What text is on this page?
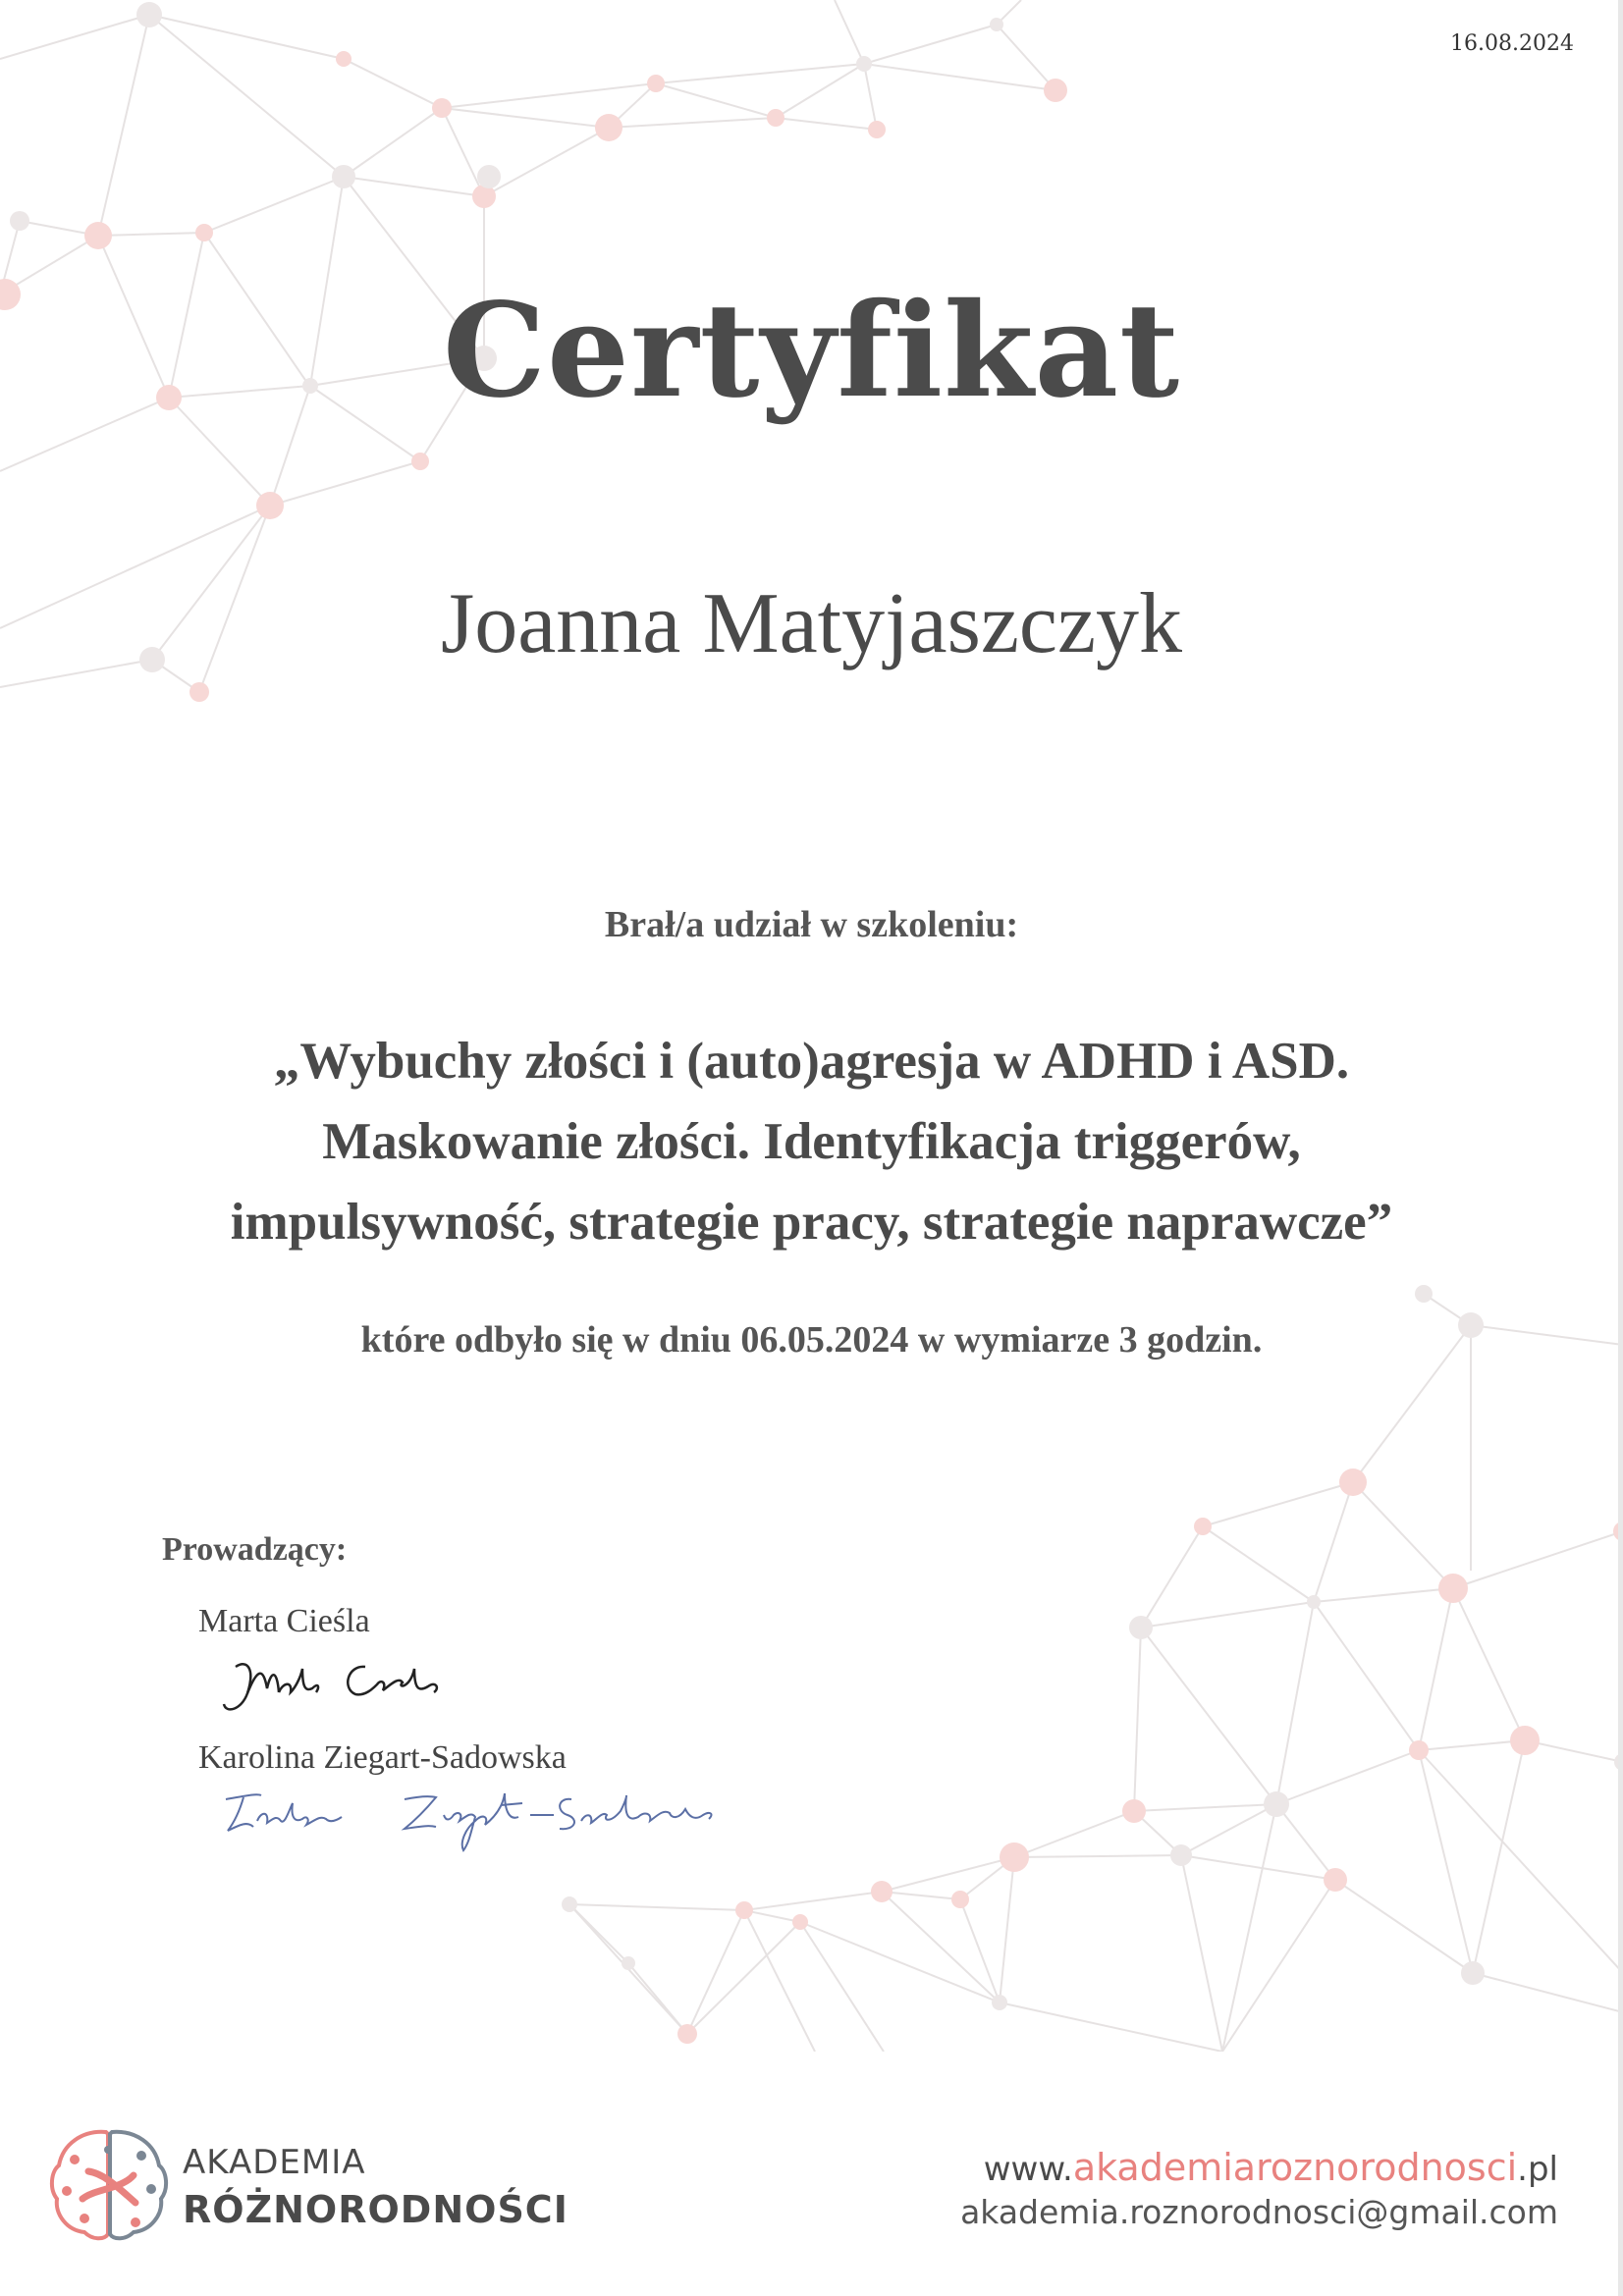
16.08.2024
Certyfikat
Joanna Matyjaszczyk
Brał/a udział w szkoleniu:
„Wybuchy złości i (auto)agresja w ADHD i ASD.
Maskowanie złości. Identyfikacja triggerów,
impulsywność, strategie pracy, strategie naprawcze”
które odbyło się w dniu 06.05.2024 w wymiarze 3 godzin.
Prowadzący:
Marta Cieśla
Karolina Ziegart-Sadowska
AKADEMIA
RÓŻNORODNOŚCI
www.akademiaroznorodnosci.pl
akademia.roznorodnosci@gmail.com
